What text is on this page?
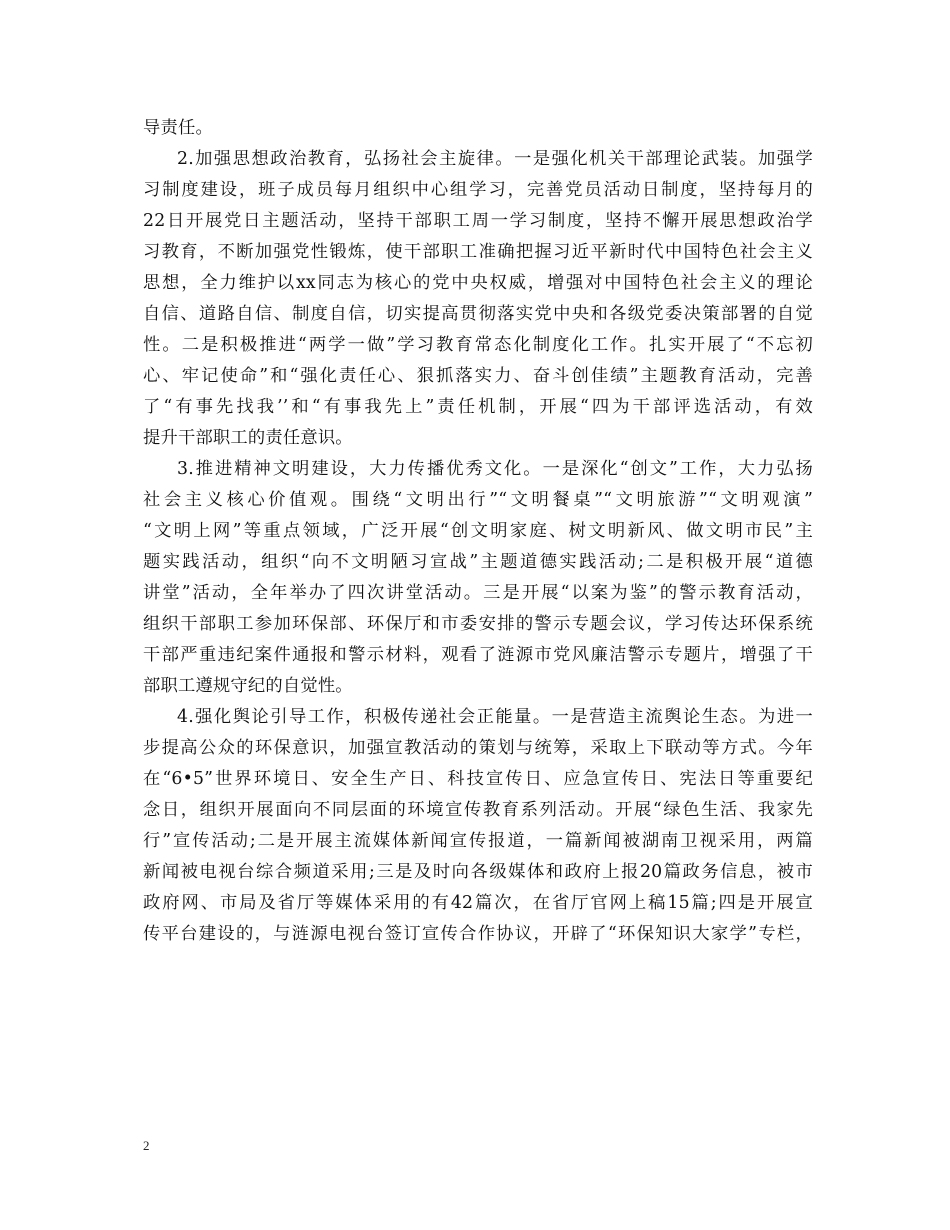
导责任。
2.加强思想政治教育，弘扬社会主旋律。一是强化机关干部理论武装。加强学
习制度建设，班子成员每月组织中心组学习，完善党员活动日制度，坚持每月的
22日开展党日主题活动，坚持干部职工周一学习制度，坚持不懈开展思想政治学
习教育，不断加强党性锻炼，使干部职工准确把握习近平新时代中国特色社会主义
思想，全力维护以xx同志为核心的党中央权威，增强对中国特色社会主义的理论
自信、道路自信、制度自信，切实提高贯彻落实党中央和各级党委决策部署的自觉
性。二是积极推进“两学一做”学习教育常态化制度化工作。扎实开展了“不忘初
心、牢记使命”和“强化责任心、狠抓落实力、奋斗创佳绩”主题教育活动，完善
了“有事先找我’’和“有事我先上”责任机制，开展“四为干部评选活动，有效
提升干部职工的责任意识。
3.推进精神文明建设，大力传播优秀文化。一是深化“创文”工作，大力弘扬
社会主义核心价值观。围绕“文明出行”“文明餐桌”“文明旅游”“文明观演”
“文明上网”等重点领域，广泛开展“创文明家庭、树文明新风、做文明市民”主
题实践活动，组织“向不文明陋习宣战”主题道德实践活动;二是积极开展“道德
讲堂”活动，全年举办了四次讲堂活动。三是开展“以案为鉴”的警示教育活动，
组织干部职工参加环保部、环保厅和市委安排的警示专题会议，学习传达环保系统
干部严重违纪案件通报和警示材料，观看了涟源市党风廉洁警示专题片，增强了干
部职工遵规守纪的自觉性。
4.强化舆论引导工作，积极传递社会正能量。一是营造主流舆论生态。为进一
步提高公众的环保意识，加强宣教活动的策划与统筹，采取上下联动等方式。今年
在“6•5”世界环境日、安全生产日、科技宣传日、应急宣传日、宪法日等重要纪
念日，组织开展面向不同层面的环境宣传教育系列活动。开展“绿色生活、我家先
行”宣传活动;二是开展主流媒体新闻宣传报道，一篇新闻被湖南卫视采用，两篇
新闻被电视台综合频道采用;三是及时向各级媒体和政府上报20篇政务信息，被市
政府网、市局及省厅等媒体采用的有42篇次，在省厅官网上稿15篇;四是开展宣
传平台建设的，与涟源电视台签订宣传合作协议，开辟了“环保知识大家学”专栏，
2
